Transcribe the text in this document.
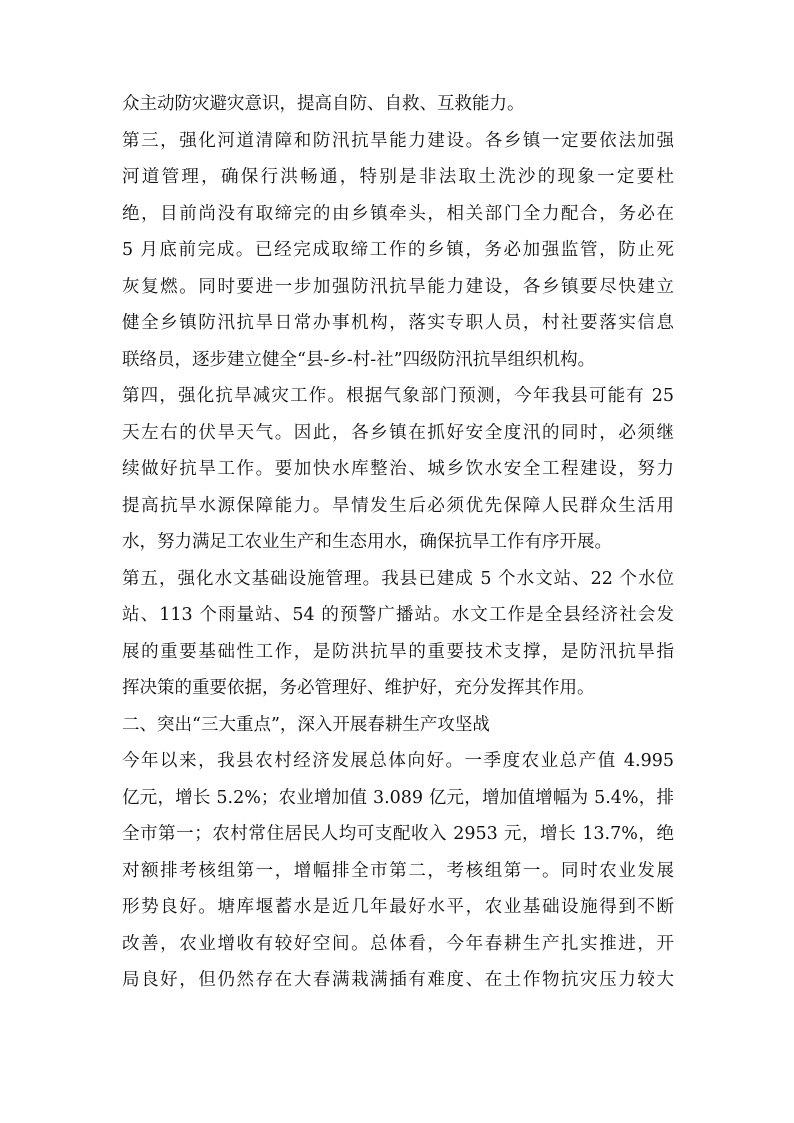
众主动防灾避灾意识，提高自防、自救、互救能力。
第三，强化河道清障和防汛抗旱能力建设。各乡镇一定要依法加强
河道管理，确保行洪畅通，特别是非法取土洗沙的现象一定要杜
绝，目前尚没有取缔完的由乡镇牵头，相关部门全力配合，务必在
5 月底前完成。已经完成取缔工作的乡镇，务必加强监管，防止死
灰复燃。同时要进一步加强防汛抗旱能力建设，各乡镇要尽快建立
健全乡镇防汛抗旱日常办事机构，落实专职人员，村社要落实信息
联络员，逐步建立健全“县-乡-村-社”四级防汛抗旱组织机构。
第四，强化抗旱减灾工作。根据气象部门预测，今年我县可能有 25
天左右的伏旱天气。因此，各乡镇在抓好安全度汛的同时，必须继
续做好抗旱工作。要加快水库整治、城乡饮水安全工程建设，努力
提高抗旱水源保障能力。旱情发生后必须优先保障人民群众生活用
水，努力满足工农业生产和生态用水，确保抗旱工作有序开展。
第五，强化水文基础设施管理。我县已建成 5 个水文站、22 个水位
站、113 个雨量站、54 的预警广播站。水文工作是全县经济社会发
展的重要基础性工作，是防洪抗旱的重要技术支撑，是防汛抗旱指
挥决策的重要依据，务必管理好、维护好，充分发挥其作用。
二、突出“三大重点”，深入开展春耕生产攻坚战
今年以来，我县农村经济发展总体向好。一季度农业总产值 4.995
亿元，增长 5.2%；农业增加值 3.089 亿元，增加值增幅为 5.4%，排
全市第一；农村常住居民人均可支配收入 2953 元，增长 13.7%，绝
对额排考核组第一，增幅排全市第二，考核组第一。同时农业发展
形势良好。塘库堰蓄水是近几年最好水平，农业基础设施得到不断
改善，农业增收有较好空间。总体看，今年春耕生产扎实推进，开
局良好，但仍然存在大春满栽满插有难度、在土作物抗灾压力较大
